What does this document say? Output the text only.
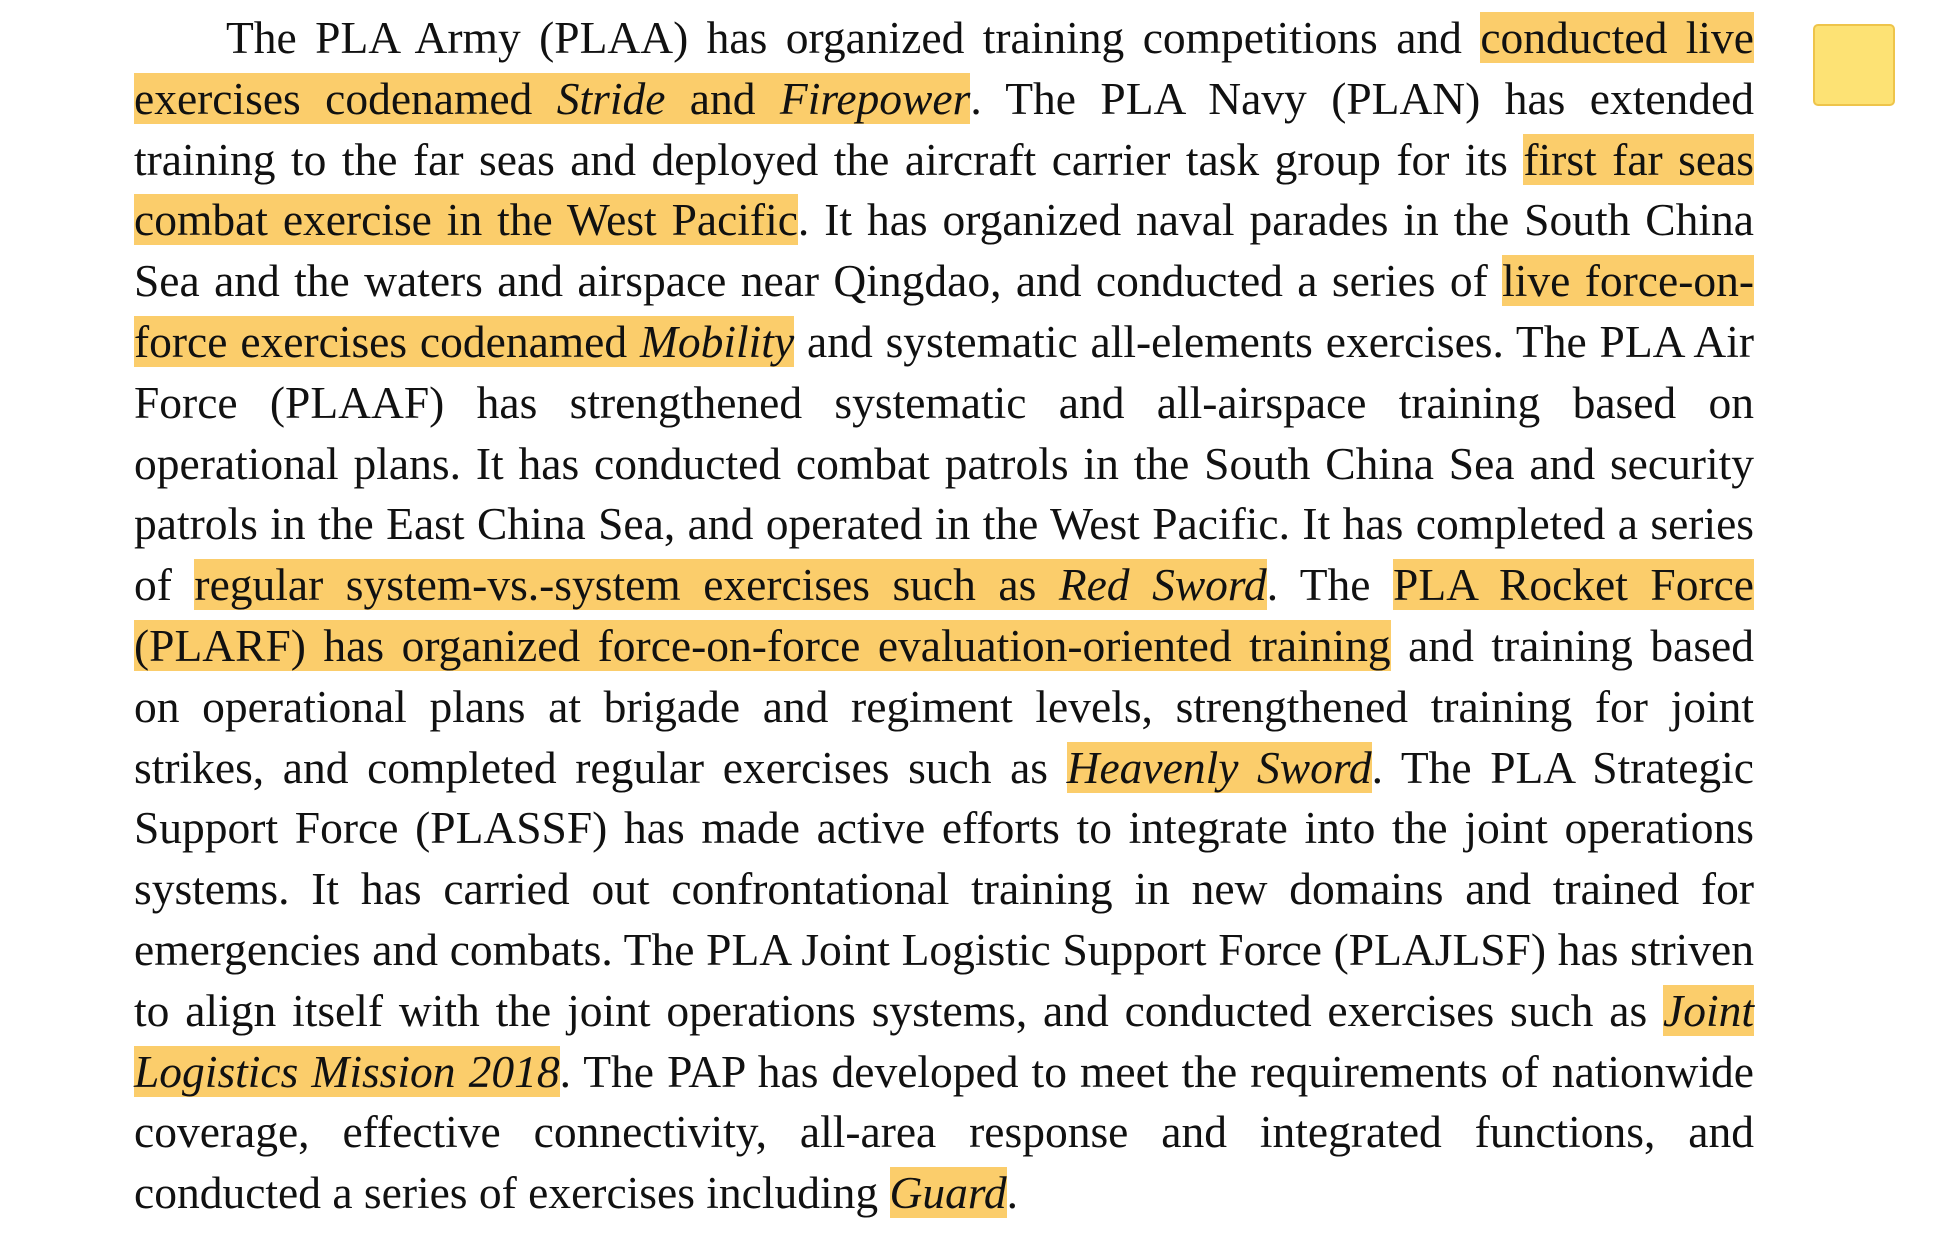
The PLA Army (PLAA) has organized training competitions and conducted live exercises codenamed Stride and Firepower. The PLA Navy (PLAN) has extended training to the far seas and deployed the aircraft carrier task group for its first far seas combat exercise in the West Pacific. It has organized naval parades in the South China Sea and the waters and airspace near Qingdao, and conducted a series of live force-on-force exercises codenamed Mobility and systematic all-elements exercises. The PLA Air Force (PLAAF) has strengthened systematic and all-airspace training based on operational plans. It has conducted combat patrols in the South China Sea and security patrols in the East China Sea, and operated in the West Pacific. It has completed a series of regular system-vs.-system exercises such as Red Sword. The PLA Rocket Force (PLARF) has organized force-on-force evaluation-oriented training and training based on operational plans at brigade and regiment levels, strengthened training for joint strikes, and completed regular exercises such as Heavenly Sword. The PLA Strategic Support Force (PLASSF) has made active efforts to integrate into the joint operations systems. It has carried out confrontational training in new domains and trained for emergencies and combats. The PLA Joint Logistic Support Force (PLAJLSF) has striven to align itself with the joint operations systems, and conducted exercises such as Joint Logistics Mission 2018. The PAP has developed to meet the requirements of nationwide coverage, effective connectivity, all-area response and integrated functions, and conducted a series of exercises including Guard.
